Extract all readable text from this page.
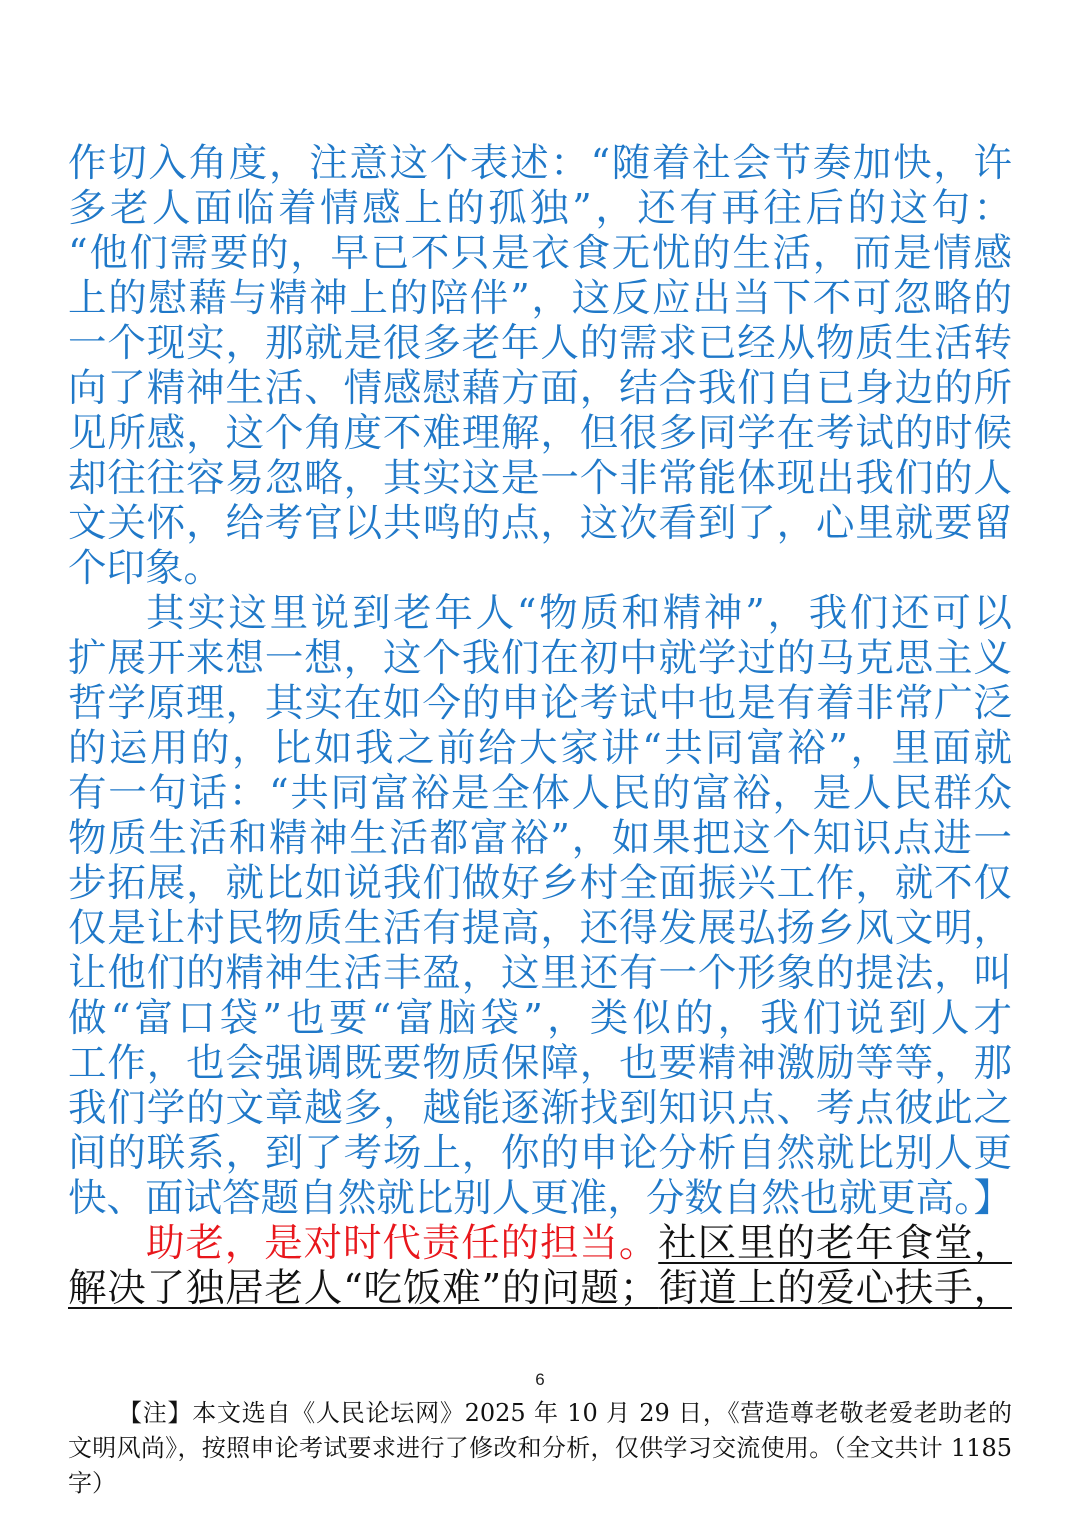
作切入角度，注意这个表述：“随着社会节奏加快，许
多老人面临着情感上的孤独”，还有再往后的这句：
“他们需要的，早已不只是衣食无忧的生活，而是情感
上的慰藉与精神上的陪伴”，这反应出当下不可忽略的
一个现实，那就是很多老年人的需求已经从物质生活转
向了精神生活、情感慰藉方面，结合我们自已身边的所
见所感，这个角度不难理解，但很多同学在考试的时候
却往往容易忽略，其实这是一个非常能体现出我们的人
文关怀，给考官以共鸣的点，这次看到了，心里就要留
个印象。
其实这里说到老年人“物质和精神”，我们还可以
扩展开来想一想，这个我们在初中就学过的马克思主义
哲学原理，其实在如今的申论考试中也是有着非常广泛
的运用的，比如我之前给大家讲“共同富裕”，里面就
有一句话：“共同富裕是全体人民的富裕，是人民群众
物质生活和精神生活都富裕”，如果把这个知识点进一
步拓展，就比如说我们做好乡村全面振兴工作，就不仅
仅是让村民物质生活有提高，还得发展弘扬乡风文明，
让他们的精神生活丰盈，这里还有一个形象的提法，叫
做“富口袋”也要“富脑袋”，类似的，我们说到人才
工作，也会强调既要物质保障，也要精神激励等等，那
我们学的文章越多，越能逐渐找到知识点、考点彼此之
间的联系，到了考场上，你的申论分析自然就比别人更
快、面试答题自然就比别人更准，分数自然也就更高。】
助老，是对时代责任的担当。社区里的老年食堂，
解决了独居老人“吃饭难”的问题；街道上的爱心扶手，
6
【注】本文选自《人民论坛网》2025 年 10 月 29 日，《营造尊老敬老爱老助老的
文明风尚》，按照申论考试要求进行了修改和分析，仅供学习交流使用。（全文共计 1185
字）
